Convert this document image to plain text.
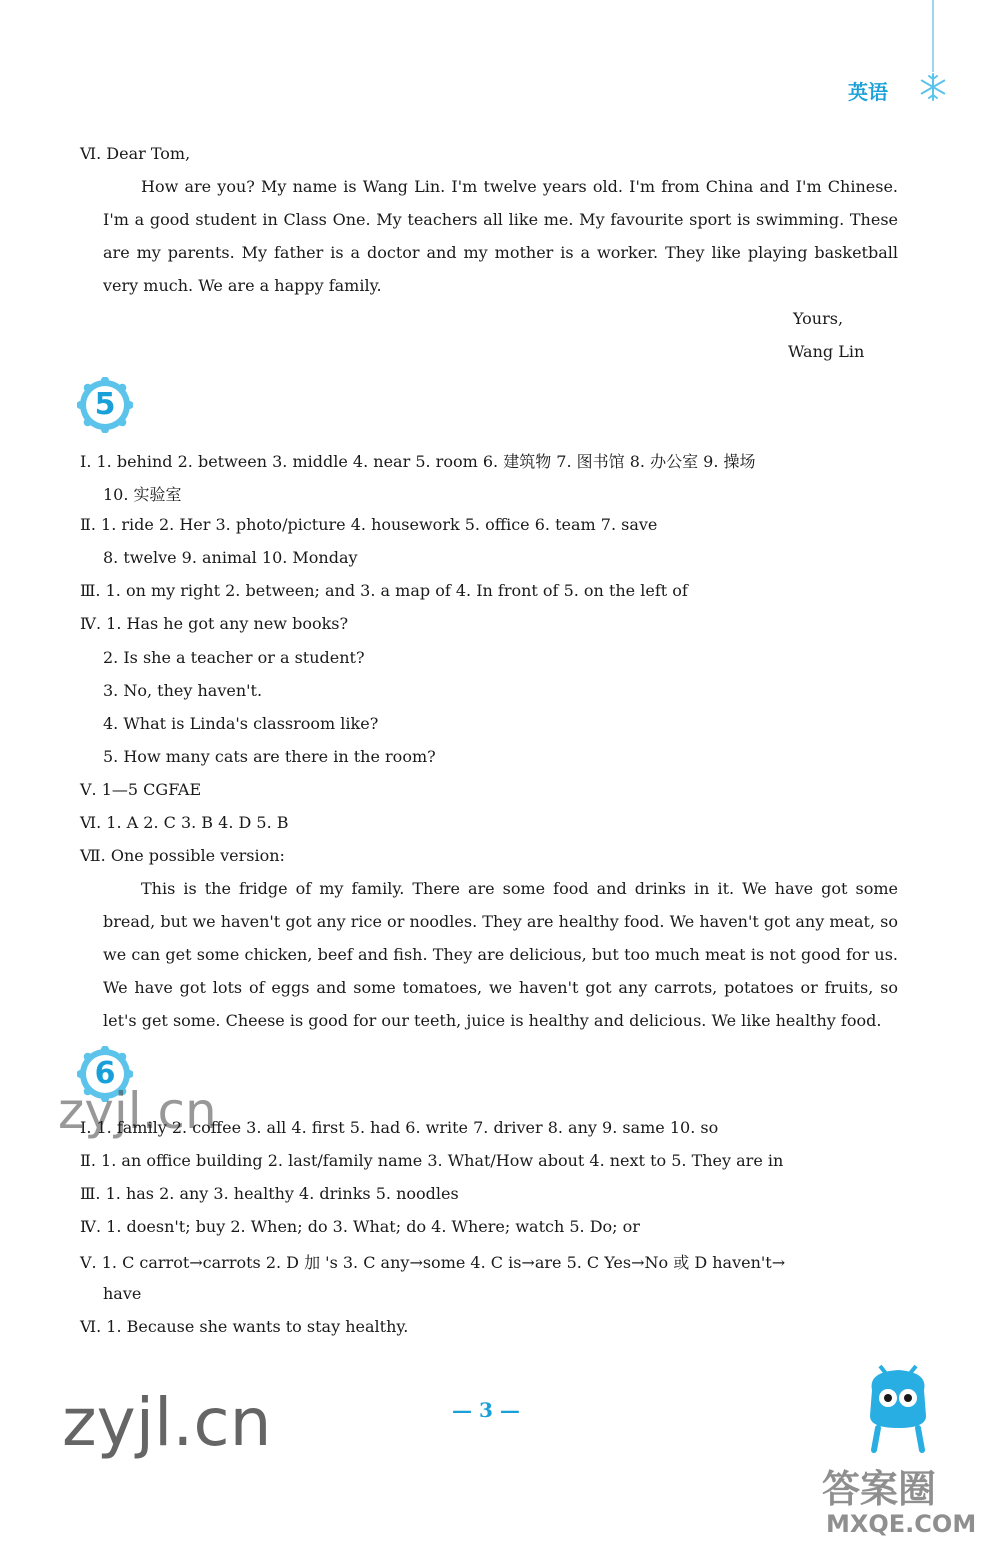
英语
Ⅵ. Dear Tom,
How are you? My name is Wang Lin. I'm twelve years old. I'm from China and I'm Chinese. I'm a good student in Class One. My teachers all like me. My favourite sport is swimming. These are my parents. My father is a doctor and my mother is a worker. They like playing basketball very much. We are a happy family.
Yours,
Wang Lin
5
Ⅰ. 1. behind 2. between 3. middle 4. near 5. room 6. 建筑物 7. 图书馆 8. 办公室 9. 操场
10. 实验室
Ⅱ. 1. ride 2. Her 3. photo/picture 4. housework 5. office 6. team 7. save
8. twelve 9. animal 10. Monday
Ⅲ. 1. on my right 2. between; and 3. a map of 4. In front of 5. on the left of
Ⅳ. 1. Has he got any new books?
2. Is she a teacher or a student?
3. No, they haven't.
4. What is Linda's classroom like?
5. How many cats are there in the room?
Ⅴ. 1—5 CGFAE
Ⅵ. 1. A 2. C 3. B 4. D 5. B
Ⅶ. One possible version:
This is the fridge of my family. There are some food and drinks in it. We have got some bread, but we haven't got any rice or noodles. They are healthy food. We haven't got any meat, so we can get some chicken, beef and fish. They are delicious, but too much meat is not good for us. We have got lots of eggs and some tomatoes, we haven't got any carrots, potatoes or fruits, so let's get some. Cheese is good for our teeth, juice is healthy and delicious. We like healthy food.
6
zyjl.cn
Ⅰ. 1. family 2. coffee 3. all 4. first 5. had 6. write 7. driver 8. any 9. same 10. so
Ⅱ. 1. an office building 2. last/family name 3. What/How about 4. next to 5. They are in
Ⅲ. 1. has 2. any 3. healthy 4. drinks 5. noodles
Ⅳ. 1. doesn't; buy 2. When; do 3. What; do 4. Where; watch 5. Do; or
Ⅴ. 1. C carrot→carrots 2. D 加 's 3. C any→some 4. C is→are 5. C Yes→No 或 D haven't→
have
Ⅵ. 1. Because she wants to stay healthy.
zyjl.cn	— 3 —
答案圈
MXQE.COM
